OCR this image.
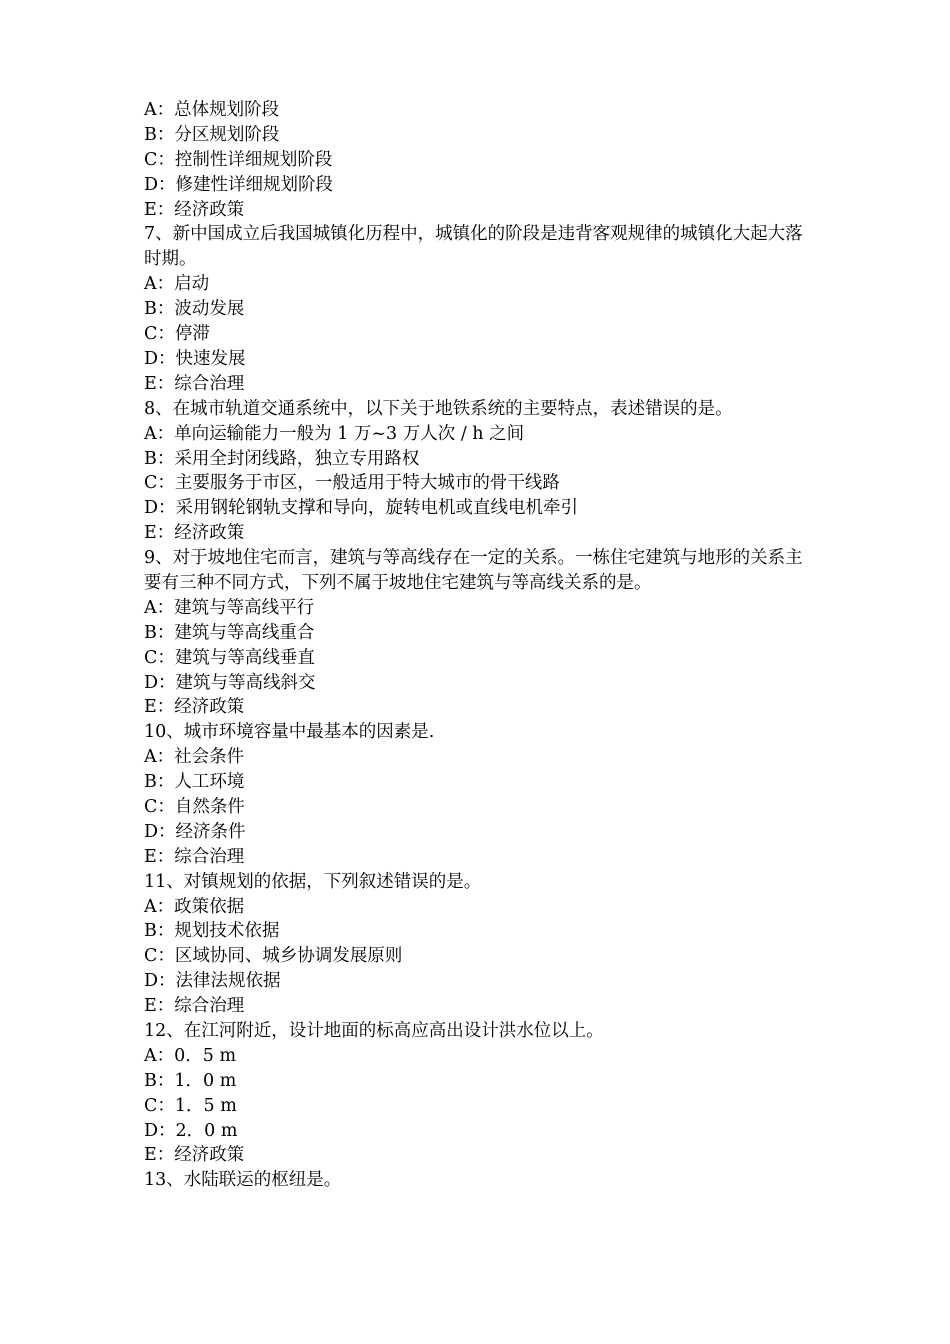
A：总体规划阶段
B：分区规划阶段
C：控制性详细规划阶段
D：修建性详细规划阶段
E：经济政策
7、新中国成立后我国城镇化历程中，城镇化的阶段是违背客观规律的城镇化大起大落时期。
A：启动
B：波动发展
C：停滞
D：快速发展
E：综合治理
8、在城市轨道交通系统中，以下关于地铁系统的主要特点，表述错误的是。
A：单向运输能力一般为 1 万~3 万人次 / h 之间
B：采用全封闭线路，独立专用路权
C：主要服务于市区，一般适用于特大城市的骨干线路
D：采用钢轮钢轨支撑和导向，旋转电机或直线电机牵引
E：经济政策
9、对于坡地住宅而言，建筑与等高线存在一定的关系。一栋住宅建筑与地形的关系主要有三种不同方式，下列不属于坡地住宅建筑与等高线关系的是。
A：建筑与等高线平行
B：建筑与等高线重合
C：建筑与等高线垂直
D：建筑与等高线斜交
E：经济政策
10、城市环境容量中最基本的因素是.
A：社会条件
B：人工环境
C：自然条件
D：经济条件
E：综合治理
11、对镇规划的依据，下列叙述错误的是。
A：政策依据
B：规划技术依据
C：区域协同、城乡协调发展原则
D：法律法规依据
E：综合治理
12、在江河附近，设计地面的标高应高出设计洪水位以上。
A：0．5 m
B：1．0 m
C：1．5 m
D：2．0 m
E：经济政策
13、水陆联运的枢纽是。
